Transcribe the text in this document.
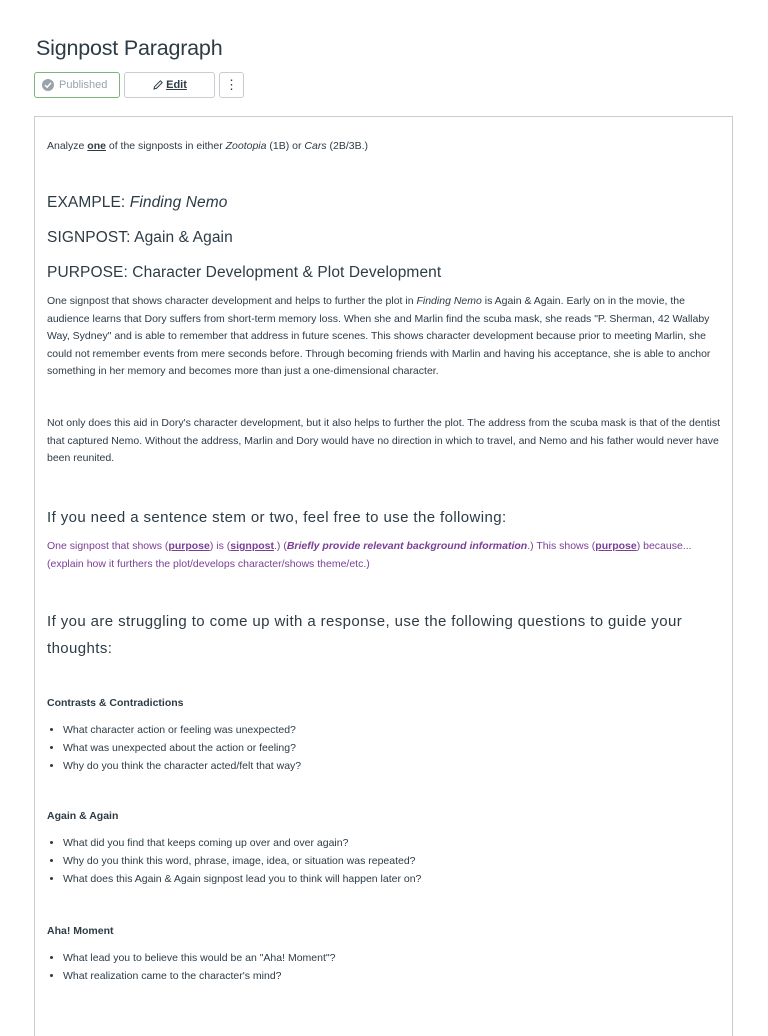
Signpost Paragraph
Published	Edit	⋮

Analyze one of the signposts in either Zootopia (1B) or Cars (2B/3B.)

EXAMPLE: Finding Nemo
SIGNPOST: Again & Again
PURPOSE: Character Development & Plot Development

One signpost that shows character development and helps to further the plot in Finding Nemo is Again & Again. Early on in the movie, the audience learns that Dory suffers from short-term memory loss. When she and Marlin find the scuba mask, she reads "P. Sherman, 42 Wallaby Way, Sydney" and is able to remember that address in future scenes. This shows character development because prior to meeting Marlin, she could not remember events from mere seconds before. Through becoming friends with Marlin and having his acceptance, she is able to anchor something in her memory and becomes more than just a one-dimensional character.

Not only does this aid in Dory's character development, but it also helps to further the plot. The address from the scuba mask is that of the dentist that captured Nemo. Without the address, Marlin and Dory would have no direction in which to travel, and Nemo and his father would never have been reunited.

If you need a sentence stem or two, feel free to use the following:

One signpost that shows (purpose) is (signpost.) (Briefly provide relevant background information.) This shows (purpose) because... (explain how it furthers the plot/develops character/shows theme/etc.)

If you are struggling to come up with a response, use the following questions to guide your thoughts:

Contrasts & Contradictions

• What character action or feeling was unexpected?
• What was unexpected about the action or feeling?
• Why do you think the character acted/felt that way?

Again & Again

• What did you find that keeps coming up over and over again?
• Why do you think this word, phrase, image, idea, or situation was repeated?
• What does this Again & Again signpost lead you to think will happen later on?

Aha! Moment

• What lead you to believe this would be an "Aha! Moment"?
• What realization came to the character's mind?
